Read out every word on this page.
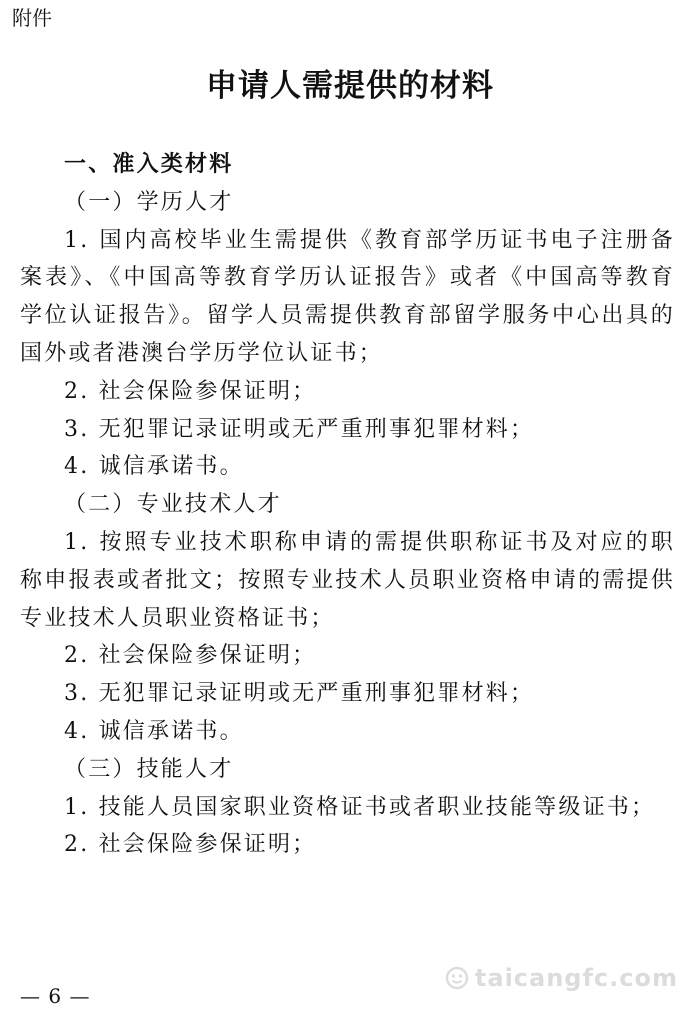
附件
申请人需提供的材料

一、准入类材料

（一）学历人才

1. 国内高校毕业生需提供《教育部学历证书电子注册备案表》、《中国高等教育学历认证报告》或者《中国高等教育学位认证报告》。留学人员需提供教育部留学服务中心出具的国外或者港澳台学历学位认证书；

2. 社会保险参保证明；

3. 无犯罪记录证明或无严重刑事犯罪材料；

4. 诚信承诺书。

（二）专业技术人才

1. 按照专业技术职称申请的需提供职称证书及对应的职称申报表或者批文；按照专业技术人员职业资格申请的需提供专业技术人员职业资格证书；

2. 社会保险参保证明；

3. 无犯罪记录证明或无严重刑事犯罪材料；

4. 诚信承诺书。

（三）技能人才

1. 技能人员国家职业资格证书或者职业技能等级证书；

2. 社会保险参保证明；

— 6 —
taicangfc.com
